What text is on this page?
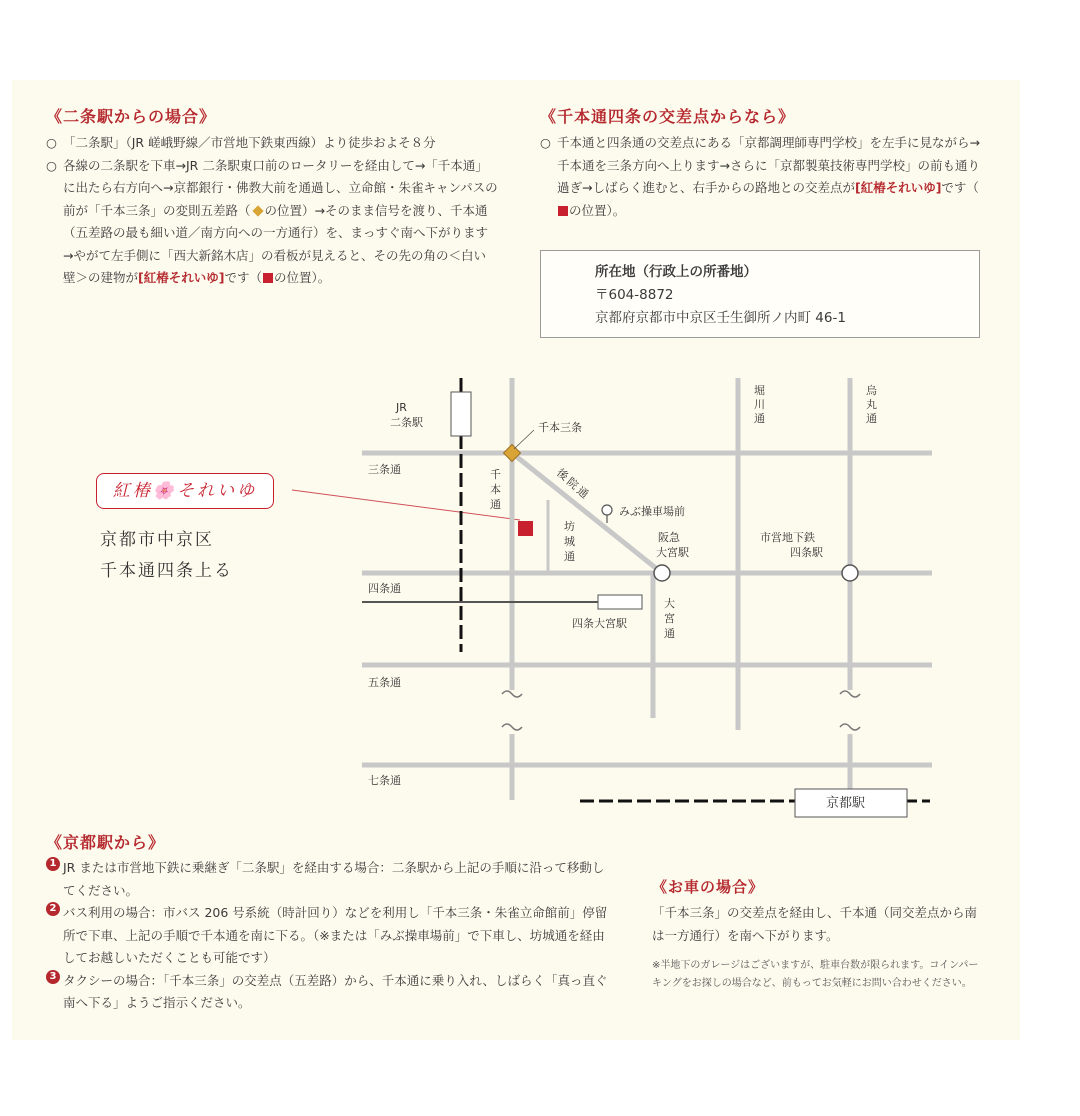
《二条駅からの場合》

○ 「二条駅」（JR 嵯峨野線／市営地下鉄東西線）より徒歩およそ８分

○ 各線の二条駅を下車→JR 二条駅東口前のロータリーを経由して→「千本通」に出たら右方向へ→京都銀行・佛教大前を通過し、立命館・朱雀キャンパスの前が「千本三条」の変則五差路（ の位置）→そのまま信号を渡り、千本通（五差路の最も細い道／南方向への一方通行）を、まっすぐ南へ下がります→やがて左手側に「西大新銘木店」の看板が見えると、その先の角の＜白い壁＞の建物が[紅椿それいゆ]です（ の位置）。

《千本通四条の交差点からなら》

○ 千本通と四条通の交差点にある「京都調理師専門学校」を左手に見ながら→千本通を三条方向へ上ります→さらに「京都製菓技術専門学校」の前も通り過ぎ→しばらく進むと、右手からの路地との交差点が[紅椿それいゆ]です（の位置）。

所在地（行政上の所番地）
〒604-8872
京都府京都市中京区壬生御所ノ内町 46-1
紅椿🌸それいゆ
京都市中京区
千本通四条上る
JR
二条駅	千本三条
堀
川
通
烏
丸
通
三条通	千
本
通
後
院
通
みぶ操車場前
坊
城
通
阪急
大宮駅
市営地下鉄
四条駅
四条通
四条大宮駅
大
宮
通
五条通
七条通
京都駅
《京都駅から》

1 JR または市営地下鉄に乗継ぎ「二条駅」を経由する場合：二条駅から上記の手順に沿って移動してください。

2 バス利用の場合：市バス 206 号系統（時計回り）などを利用し「千本三条・朱雀立命館前」停留所で下車、上記の手順で千本通を南に下る。（※または「みぶ操車場前」で下車し、坊城通を経由してお越しいただくことも可能です）

3 タクシーの場合：「千本三条」の交差点（五差路）から、千本通に乗り入れ、しばらく「真っ直ぐ南へ下る」ようご指示ください。

《お車の場合》
「千本三条」の交差点を経由し、千本通（同交差点から南は一方通行）を南へ下がります。
※半地下のガレージはございますが、駐車台数が限られます。コインパーキングをお探しの場合など、前もってお気軽にお問い合わせください。
